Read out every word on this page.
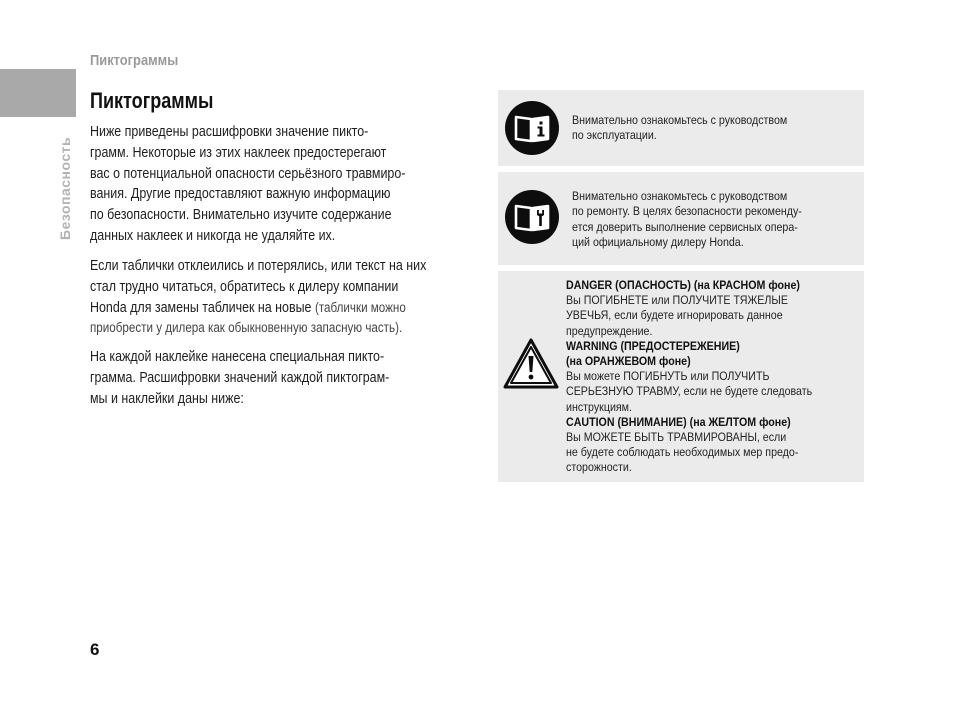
Пиктограммы
Безопасность
Пиктограммы

Ниже приведены расшифровки значение пикто-
грамм. Некоторые из этих наклеек предостерегают
вас о потенциальной опасности серьёзного травмиро-
вания. Другие предоставляют важную информацию
по безопасности. Внимательно изучите содержание
данных наклеек и никогда не удаляйте их.

Если таблички отклеились и потерялись, или текст на них
стал трудно читаться, обратитесь к дилеру компании
Honda для замены табличек на новые (таблички можно
приобрести у дилера как обыкновенную запасную часть).

На каждой наклейке нанесена специальная пикто-
грамма. Расшифровки значений каждой пиктограм-
мы и наклейки даны ниже:

Внимательно ознакомьтесь с руководством
по эксплуатации.
Внимательно ознакомьтесь с руководством
по ремонту. В целях безопасности рекоменду-
ется доверить выполнение сервисных опера-
ций официальному дилеру Honda.
DANGER (ОПАСНОСТЬ) (на КРАСНОМ фоне)
Вы ПОГИБНЕТЕ или ПОЛУЧИТЕ ТЯЖЕЛЫЕ
УВЕЧЬЯ, если будете игнорировать данное
предупреждение.
WARNING (ПРЕДОСТЕРЕЖЕНИЕ)
(на ОРАНЖЕВОМ фоне)
Вы можете ПОГИБНУТЬ или ПОЛУЧИТЬ
СЕРЬЕЗНУЮ ТРАВМУ, если не будете следовать
инструкциям.
CAUTION (ВНИМАНИЕ) (на ЖЕЛТОМ фоне)
Вы МОЖЕТЕ БЫТЬ ТРАВМИРОВАНЫ, если
не будете соблюдать необходимых мер предо-
сторожности.
6
